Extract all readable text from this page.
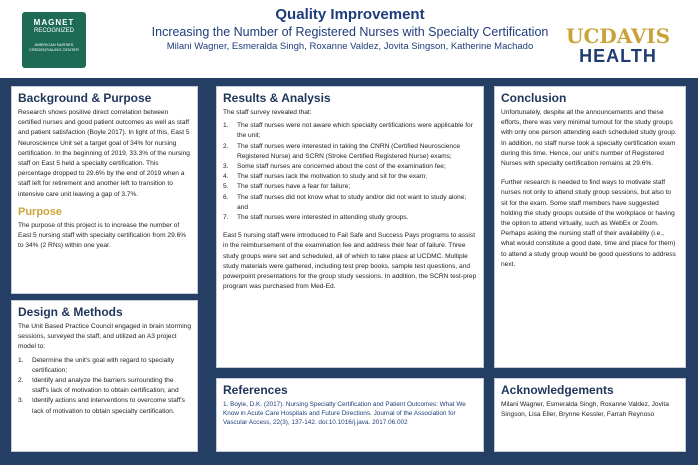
MAGNET
RECOGNIZED
AMERICAN NURSES CREDENTIALING CENTER
Quality Improvement
Increasing the Number of Registered Nurses with Specialty Certification
Milani Wagner, Esmeralda Singh, Roxanne Valdez, Jovita Singson, Katherine Machado	UCDAVIS
HEALTH
Background & Purpose

Research shows positive direct correlation between certified nurses and good patient outcomes as well as staff and patient satisfaction (Boyle 2017). In light of this, East 5 Neuroscience Unit set a target goal of 34% for nursing certification. In the beginning of 2019, 33.3% of the nursing staff on East 5 held a specialty certification. This percentage dropped to 29.6% by the end of 2019 when a staff left for retirement and another left to transition to intensive care unit leaving a gap of 3.7%.

Purpose

The purpose of this project is to increase the number of East 5 nursing staff with specialty certification from 29.6% to 34% (2 RNs) within one year.

Design & Methods

The Unit Based Practice Council engaged in brain storming sessions, surveyed the staff, and utilized an A3 project model to:

1. Determine the unit's goal with regard to specialty certification;
2. Identify and analyze the barriers surrounding the staff's lack of motivation to obtain certification; and
3. Identify actions and interventions to overcome staff's lack of motivation to obtain specialty certification.
Results & Analysis

The staff survey revealed that:

1. The staff nurses were not aware which specialty certifications were applicable for the unit;
2. The staff nurses were interested in taking the CNRN (Certified Neuroscience Registered Nurse) and SCRN (Stroke Certified Registered Nurse) exams;
3. Some staff nurses are concerned about the cost of the examination fee;
4. The staff nurses lack the motivation to study and sit for the exam;
5. The staff nurses have a fear for failure;
6. The staff nurses did not know what to study and/or did not want to study alone; and
7. The staff nurses were interested in attending study groups.

East 5 nursing staff were introduced to Fail Safe and Success Pays programs to assist in the reimbursement of the examination fee and address their fear of failure. Three study groups were set and scheduled, all of which to take place at UCDMC. Multiple study materials were gathered, including test prep books, sample test questions, and powerpoint presentations for the group study sessions. In addition, the SCRN test-prep program was purchased from Med-Ed.

References

1. Boyle, D.K. (2017). Nursing Specialty Certification and Patient Outcomes: What We Know in Acute Care Hospitals and Future Directions. Journal of the Association for Vascular Access, 22(3), 137-142. doi:10.1016/j.java. 2017.06.002

Conclusion

Unfortunately, despite all the announcements and these efforts, there was very minimal turnout for the study groups with only one person attending each scheduled study group. In addition, no staff nurse took a specialty certification exam during this time. Hence, our unit's number of Registered Nurses with specialty certification remains at 29.6%.

Further research is needed to find ways to motivate staff nurses not only to attend study group sessions, but also to sit for the exam. Some staff members have suggested holding the study groups outside of the workplace or having the option to attend virtually, such as WebEx or Zoom. Perhaps asking the nursing staff of their availability (i.e., what would constitute a good date, time and place for them) to attend a study group would be good questions to address next.

Acknowledgements

Milani Wagner, Esmeralda Singh, Roxanne Valdez, Jovita Singson, Lisa Eller, Brynne Kessler, Farrah Reynoso
